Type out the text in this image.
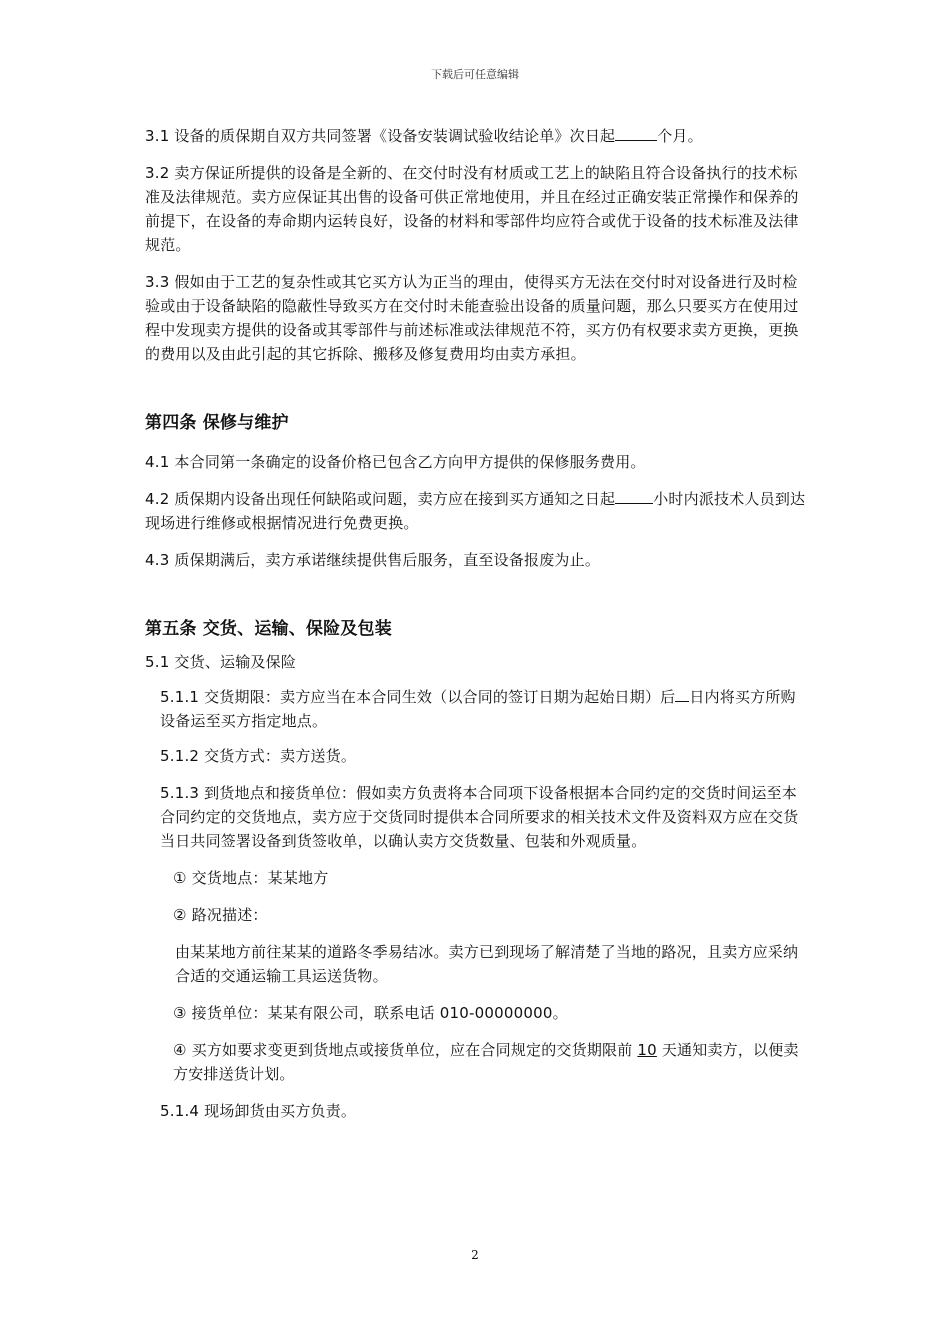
下载后可任意编辑

3.1 设备的质保期自双方共同签署《设备安装调试验收结论单》次日起	个月。

3.2 卖方保证所提供的设备是全新的、在交付时没有材质或工艺上的缺陷且符合设备执行的技术标准及法律规范。卖方应保证其出售的设备可供正常地使用，并且在经过正确安装正常操作和保养的前提下，在设备的寿命期内运转良好，设备的材料和零部件均应符合或优于设备的技术标准及法律规范。

3.3 假如由于工艺的复杂性或其它买方认为正当的理由，使得买方无法在交付时对设备进行及时检验或由于设备缺陷的隐蔽性导致买方在交付时未能查验出设备的质量问题，那么只要买方在使用过程中发现卖方提供的设备或其零部件与前述标准或法律规范不符，买方仍有权要求卖方更换，更换的费用以及由此引起的其它拆除、搬移及修复费用均由卖方承担。

第四条 保修与维护

4.1 本合同第一条确定的设备价格已包含乙方向甲方提供的保修服务费用。

4.2 质保期内设备出现任何缺陷或问题，卖方应在接到买方通知之日起	小时内派技术人员到达现场进行维修或根据情况进行免费更换。

4.3 质保期满后，卖方承诺继续提供售后服务，直至设备报废为止。

第五条 交货、运输、保险及包装

5.1 交货、运输及保险

5.1.1 交货期限：卖方应当在本合同生效（以合同的签订日期为起始日期）后 日内将买方所购设备运至买方指定地点。

5.1.2 交货方式：卖方送货。

5.1.3 到货地点和接货单位：假如卖方负责将本合同项下设备根据本合同约定的交货时间运至本合同约定的交货地点，卖方应于交货同时提供本合同所要求的相关技术文件及资料双方应在交货当日共同签署设备到货签收单，以确认卖方交货数量、包装和外观质量。

① 交货地点：某某地方

② 路况描述：

由某某地方前往某某的道路冬季易结冰。卖方已到现场了解清楚了当地的路况，且卖方应采纳合适的交通运输工具运送货物。

③ 接货单位：某某有限公司，联系电话 010-00000000。

④ 买方如要求变更到货地点或接货单位，应在合同规定的交货期限前 10 天通知卖方，以便卖方安排送货计划。

5.1.4 现场卸货由买方负责。

2
